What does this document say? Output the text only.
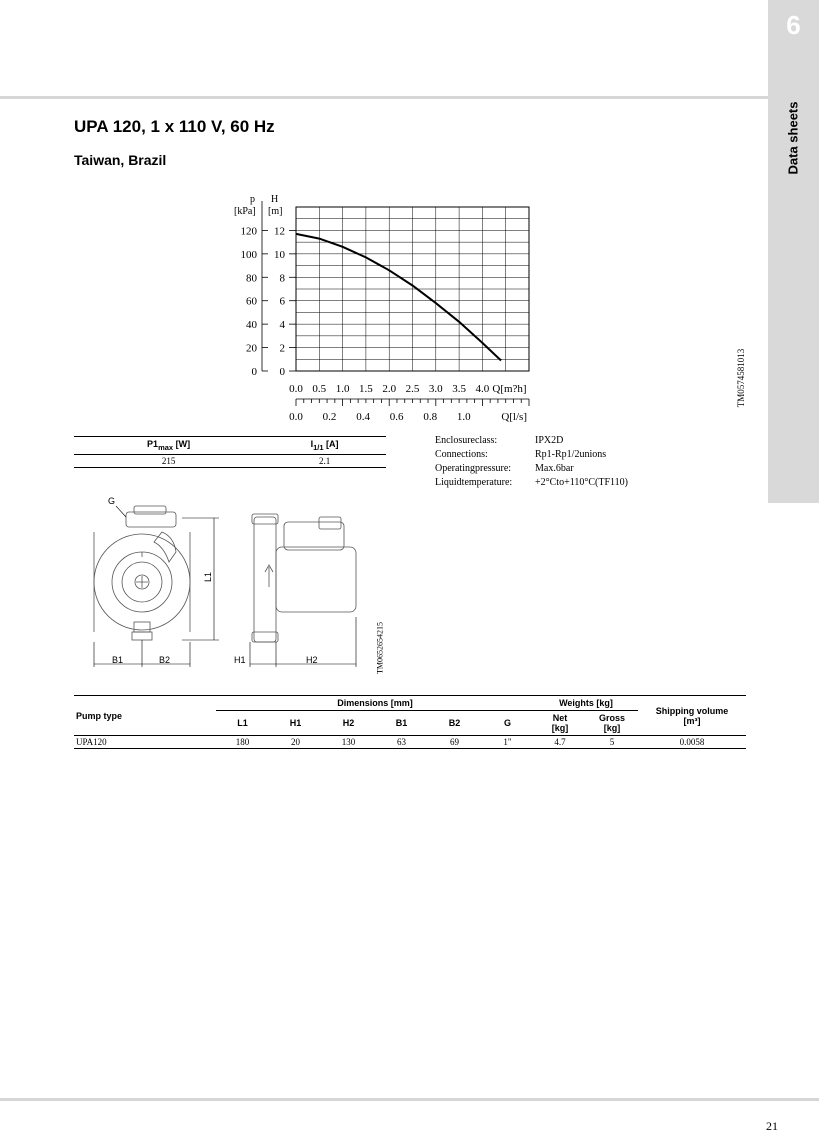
6
Data sheets
UPA 120, 1 x 110 V, 60 Hz
Taiwan, Brazil
120 12
100 10
80 8
60 6
40 4
20 2
0 0
p
[kPa]
H
[m]
0.0 0.5 1.0 1.5 2.0 2.5 3.0 3.5 4.0 Q[m?h]
0.0 0.2 0.4 0.6 0.8 1.0	Q[l/s]
TM0574581013
$P1_{max}$ [W]	$I_{1/1}$ [A]
215	2.1
Enclosureclass:	IPX2D
Connections:	Rp1-Rp1/2unions
Operatingpressure: Max.6bar
Liquidtemperature: +2°Cto+110°C(TF110)
G
L1
B1	B2	H1	H2	TM0652654215
Pump type	Dimensions [mm]						Weights [kg]		Shipping volume
[m³]
	L1	H1	H2	B1	B2	G	Net
[kg]	Gross
[kg]	
UPA120	180	20	130	63	69	1"	4.7	5	0.0058
21
